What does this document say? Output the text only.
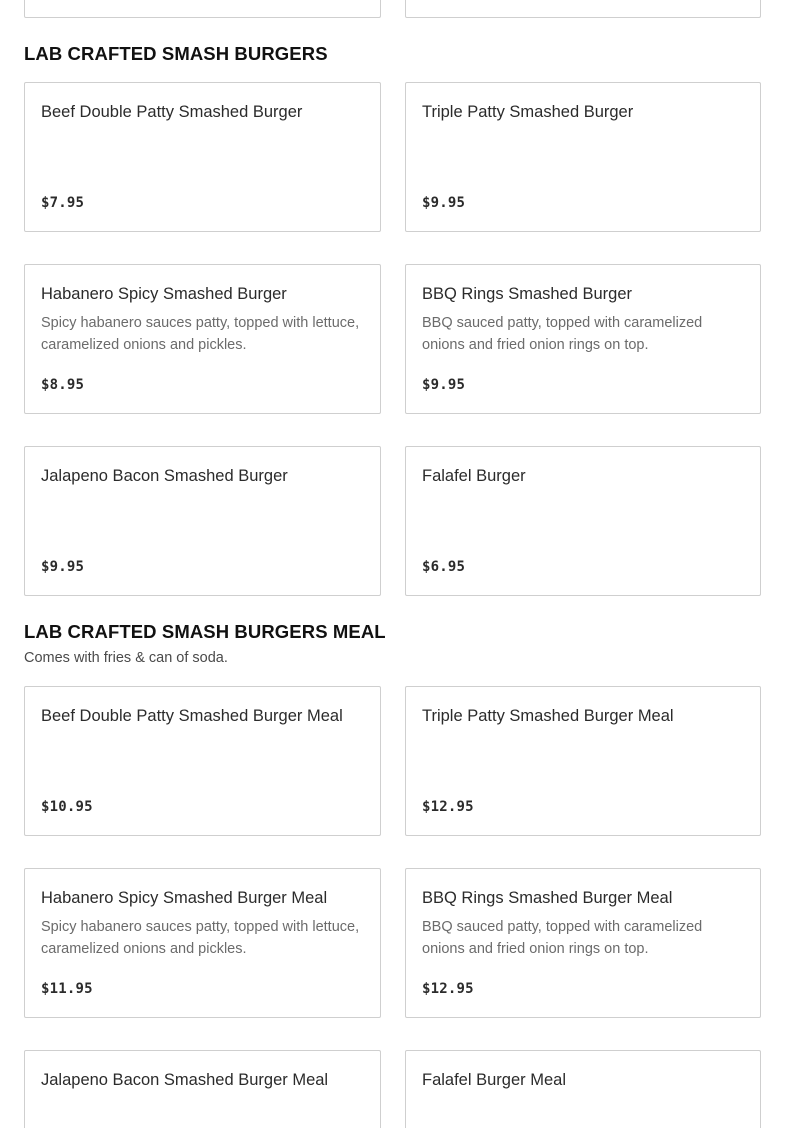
LAB CRAFTED SMASH BURGERS
Beef Double Patty Smashed Burger
$7.95
Triple Patty Smashed Burger
$9.95
Habanero Spicy Smashed Burger
Spicy habanero sauces patty, topped with lettuce, caramelized onions and pickles.
$8.95
BBQ Rings Smashed Burger
BBQ sauced patty, topped with caramelized onions and fried onion rings on top.
$9.95
Jalapeno Bacon Smashed Burger
$9.95
Falafel Burger
$6.95
LAB CRAFTED SMASH BURGERS MEAL
Comes with fries & can of soda.
Beef Double Patty Smashed Burger Meal
$10.95
Triple Patty Smashed Burger Meal
$12.95
Habanero Spicy Smashed Burger Meal
Spicy habanero sauces patty, topped with lettuce, caramelized onions and pickles.
$11.95
BBQ Rings Smashed Burger Meal
BBQ sauced patty, topped with caramelized onions and fried onion rings on top.
$12.95
Jalapeno Bacon Smashed Burger Meal	Falafel Burger Meal
